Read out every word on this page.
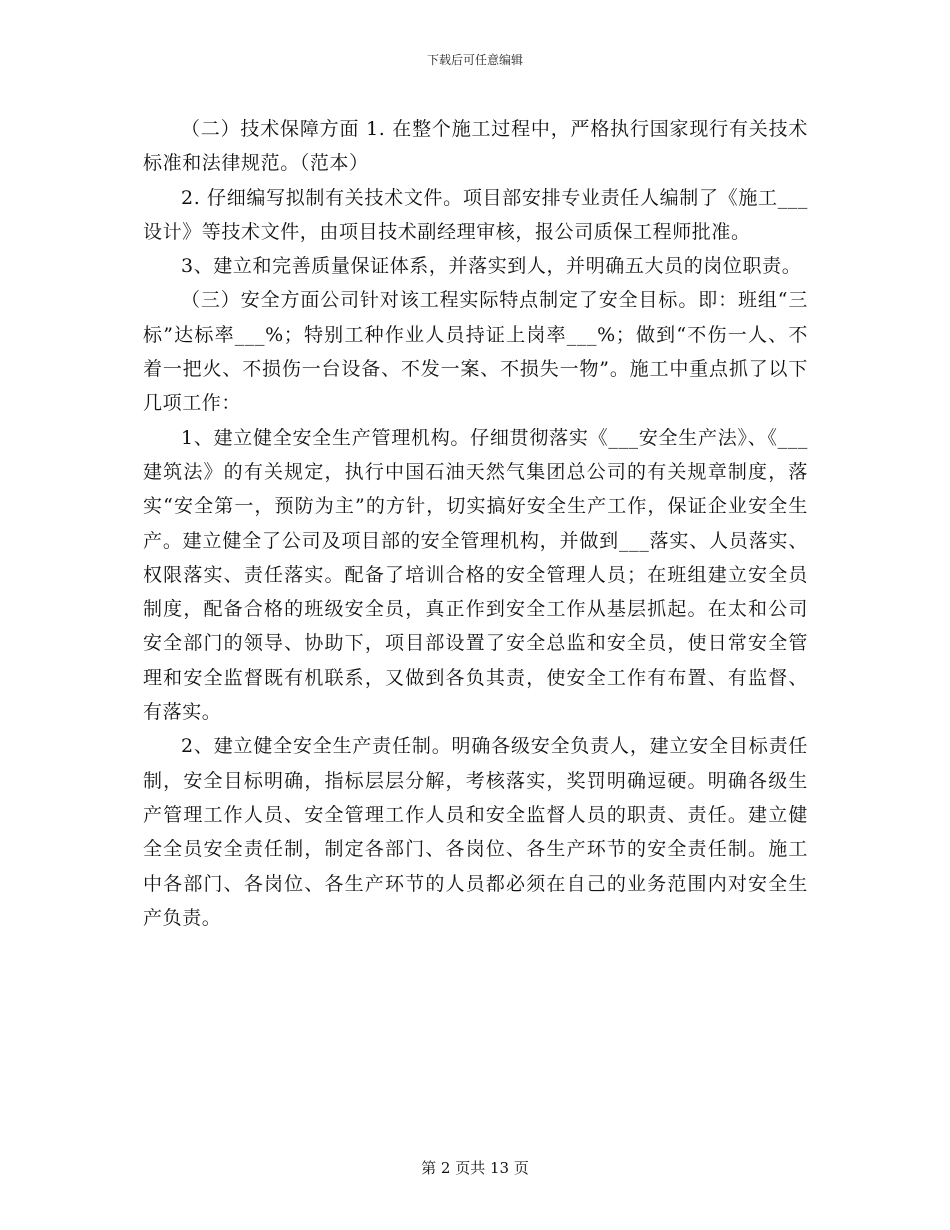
下载后可任意编辑

（二）技术保障方面 1. 在整个施工过程中，严格执行国家现行有关技术标准和法律规范。（范本）

2. 仔细编写拟制有关技术文件。项目部安排专业责任人编制了《施工___设计》等技术文件，由项目技术副经理审核，报公司质保工程师批准。

3、建立和完善质量保证体系，并落实到人，并明确五大员的岗位职责。

（三）安全方面公司针对该工程实际特点制定了安全目标。即：班组“三标”达标率___%；特别工种作业人员持证上岗率___%；做到“不伤一人、不着一把火、不损伤一台设备、不发一案、不损失一物”。施工中重点抓了以下几项工作：

1、建立健全安全生产管理机构。仔细贯彻落实《___安全生产法》、《___建筑法》的有关规定，执行中国石油天然气集团总公司的有关规章制度，落实“安全第一，预防为主”的方针，切实搞好安全生产工作，保证企业安全生产。建立健全了公司及项目部的安全管理机构，并做到___落实、人员落实、权限落实、责任落实。配备了培训合格的安全管理人员；在班组建立安全员制度，配备合格的班级安全员，真正作到安全工作从基层抓起。在太和公司安全部门的领导、协助下，项目部设置了安全总监和安全员，使日常安全管理和安全监督既有机联系，又做到各负其责，使安全工作有布置、有监督、有落实。

2、建立健全安全生产责任制。明确各级安全负责人，建立安全目标责任制，安全目标明确，指标层层分解，考核落实，奖罚明确逗硬。明确各级生产管理工作人员、安全管理工作人员和安全监督人员的职责、责任。建立健全全员安全责任制，制定各部门、各岗位、各生产环节的安全责任制。施工中各部门、各岗位、各生产环节的人员都必须在自己的业务范围内对安全生产负责。

第 2 页共 13 页
